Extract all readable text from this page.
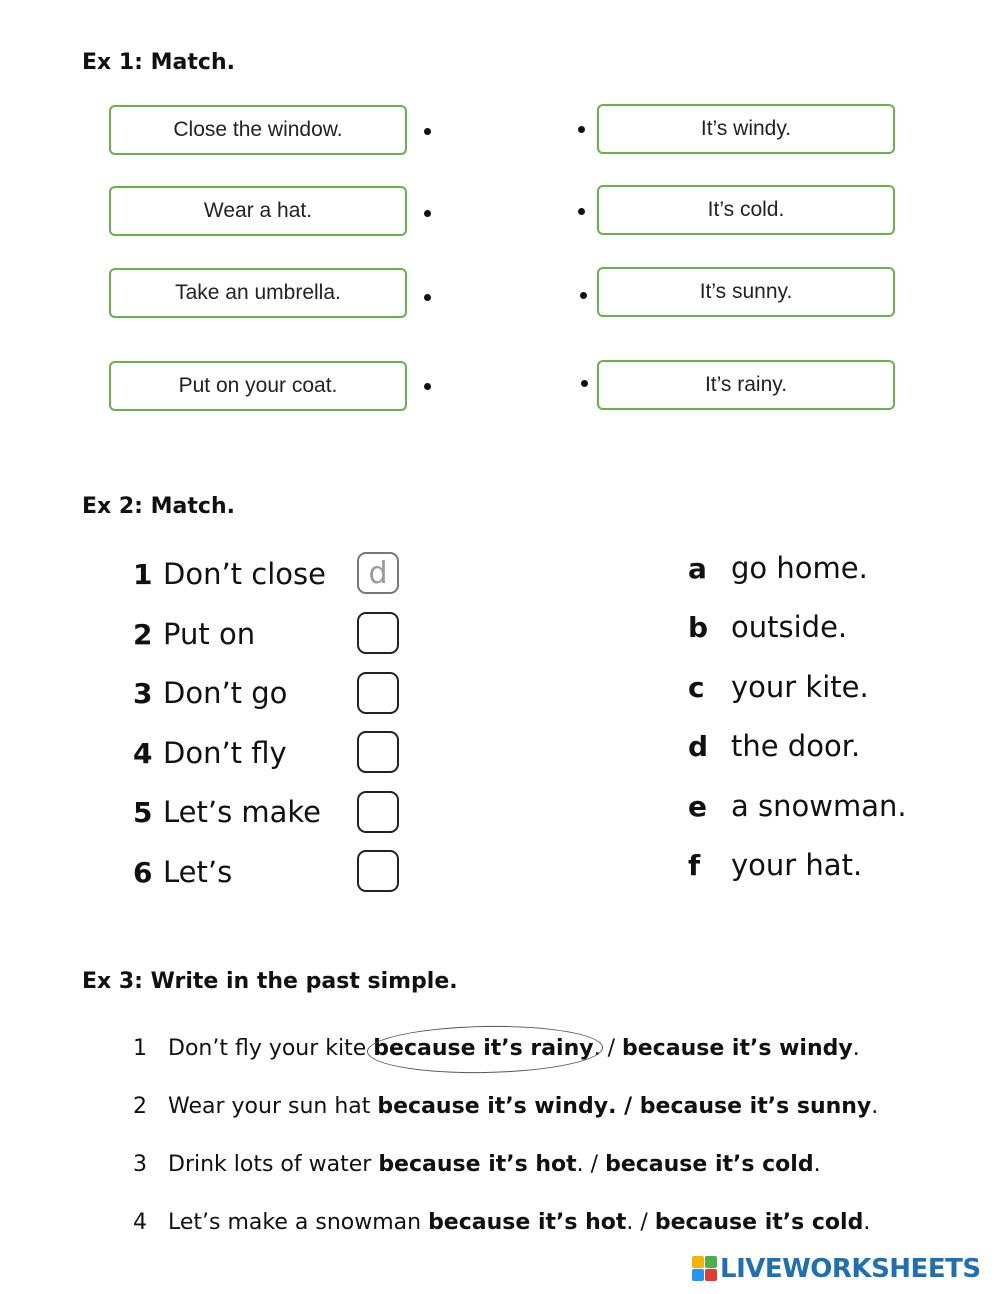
Ex 1: Match.
Close the window.
Wear a hat.
Take an umbrella.
Put on your coat.
It’s windy.
It’s cold.
It’s sunny.
It’s rainy.
Ex 2: Match.
1 Don’t close
2 Put on
3 Don’t go
4 Don’t fly
5 Let’s make
6 Let’s
d	a go home.
b outside.
c your kite.
d the door.
e a snowman.
f	your hat.
Ex 3: Write in the past simple.
1 Don’t fly your kite because it’s rainy . / because it’s windy .
2 Wear your sun hat because it’s windy . / because it’s sunny .
3 Drink lots of water because it’s hot . / because it’s cold .
4 Let’s make a snowman because it’s hot . / because it’s cold .
LIVEWORKSHEETS
